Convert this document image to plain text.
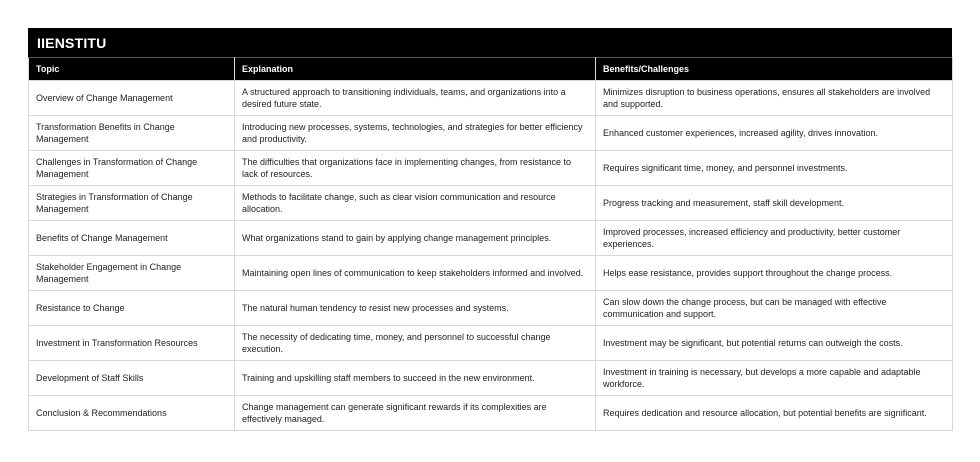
IIENSTITU
Topic	Explanation	Benefits/Challenges
Overview of Change Management	A structured approach to transitioning individuals, teams, and organizations into a desired future state.	Minimizes disruption to business operations, ensures all stakeholders are involved and supported.
Transformation Benefits in Change Management	Introducing new processes, systems, technologies, and strategies for better efficiency and productivity.	Enhanced customer experiences, increased agility, drives innovation.
Challenges in Transformation of Change Management	The difficulties that organizations face in implementing changes, from resistance to lack of resources.	Requires significant time, money, and personnel investments.
Strategies in Transformation of Change Management	Methods to facilitate change, such as clear vision communication and resource allocation.	Progress tracking and measurement, staff skill development.
Benefits of Change Management	What organizations stand to gain by applying change management principles.	Improved processes, increased efficiency and productivity, better customer experiences.
Stakeholder Engagement in Change Management	Maintaining open lines of communication to keep stakeholders informed and involved.	Helps ease resistance, provides support throughout the change process.
Resistance to Change	The natural human tendency to resist new processes and systems.	Can slow down the change process, but can be managed with effective communication and support.
Investment in Transformation Resources	The necessity of dedicating time, money, and personnel to successful change execution.	Investment may be significant, but potential returns can outweigh the costs.
Development of Staff Skills	Training and upskilling staff members to succeed in the new environment.	Investment in training is necessary, but develops a more capable and adaptable workforce.
Conclusion & Recommendations	Change management can generate significant rewards if its complexities are effectively managed.	Requires dedication and resource allocation, but potential benefits are significant.
